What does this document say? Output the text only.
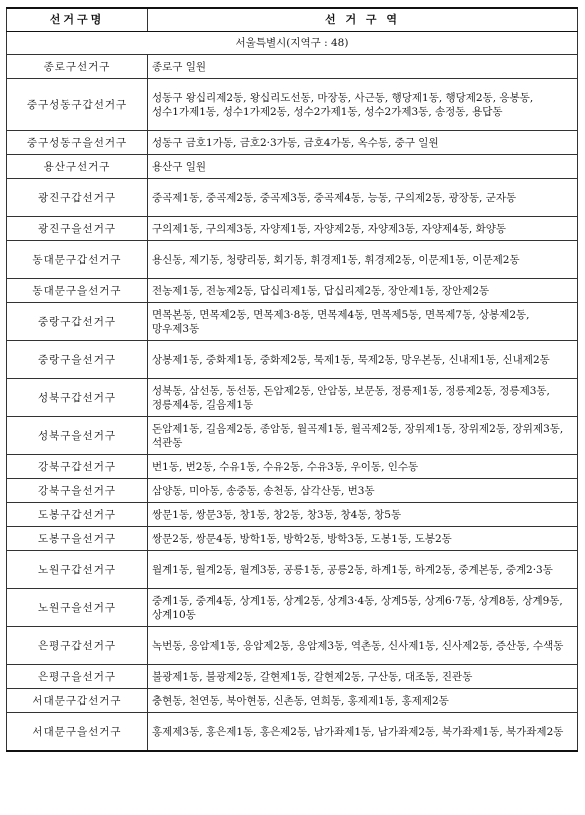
선거구명	선 거 구 역
서울특별시(지역구 : 48)	
종로구선거구	종로구 일원
중구성동구갑선거구	성동구 왕십리제2동, 왕십리도선동, 마장동, 사근동, 행당제1동, 행당제2동, 응봉동, 성수1가제1동, 성수1가제2동, 성수2가제1동, 성수2가제3동, 송정동, 용답동
중구성동구을선거구	성동구 금호1가동, 금호2·3가동, 금호4가동, 옥수동, 중구 일원
용산구선거구	용산구 일원
광진구갑선거구	중곡제1동, 중곡제2동, 중곡제3동, 중곡제4동, 능동, 구의제2동, 광장동, 군자동
광진구을선거구	구의제1동, 구의제3동, 자양제1동, 자양제2동, 자양제3동, 자양제4동, 화양동
동대문구갑선거구	용신동, 제기동, 청량리동, 회기동, 휘경제1동, 휘경제2동, 이문제1동, 이문제2동
동대문구을선거구	전농제1동, 전농제2동, 답십리제1동, 답십리제2동, 장안제1동, 장안제2동
중랑구갑선거구	면목본동, 면목제2동, 면목제3·8동, 면목제4동, 면목제5동, 면목제7동, 상봉제2동, 망우제3동
중랑구을선거구	상봉제1동, 중화제1동, 중화제2동, 묵제1동, 묵제2동, 망우본동, 신내제1동, 신내제2동
성북구갑선거구	성북동, 삼선동, 동선동, 돈암제2동, 안암동, 보문동, 정릉제1동, 정릉제2동, 정릉제3동, 정릉제4동, 길음제1동
성북구을선거구	돈암제1동, 길음제2동, 종암동, 월곡제1동, 월곡제2동, 장위제1동, 장위제2동, 장위제3동, 석관동
강북구갑선거구	번1동, 번2동, 수유1동, 수유2동, 수유3동, 우이동, 인수동
강북구을선거구	삼양동, 미아동, 송중동, 송천동, 삼각산동, 번3동
도봉구갑선거구	쌍문1동, 쌍문3동, 창1동, 창2동, 창3동, 창4동, 창5동
도봉구을선거구	쌍문2동, 쌍문4동, 방학1동, 방학2동, 방학3동, 도봉1동, 도봉2동
노원구갑선거구	월계1동, 월계2동, 월계3동, 공릉1동, 공릉2동, 하계1동, 하계2동, 중계본동, 중계2·3동
노원구을선거구	중계1동, 중계4동, 상계1동, 상계2동, 상계3·4동, 상계5동, 상계6·7동, 상계8동, 상계9동, 상계10동
은평구갑선거구	녹번동, 응암제1동, 응암제2동, 응암제3동, 역촌동, 신사제1동, 신사제2동, 증산동, 수색동
은평구을선거구	불광제1동, 불광제2동, 갈현제1동, 갈현제2동, 구산동, 대조동, 진관동
서대문구갑선거구	충현동, 천연동, 북아현동, 신촌동, 연희동, 홍제제1동, 홍제제2동
서대문구을선거구	홍제제3동, 홍은제1동, 홍은제2동, 남가좌제1동, 남가좌제2동, 북가좌제1동, 북가좌제2동
